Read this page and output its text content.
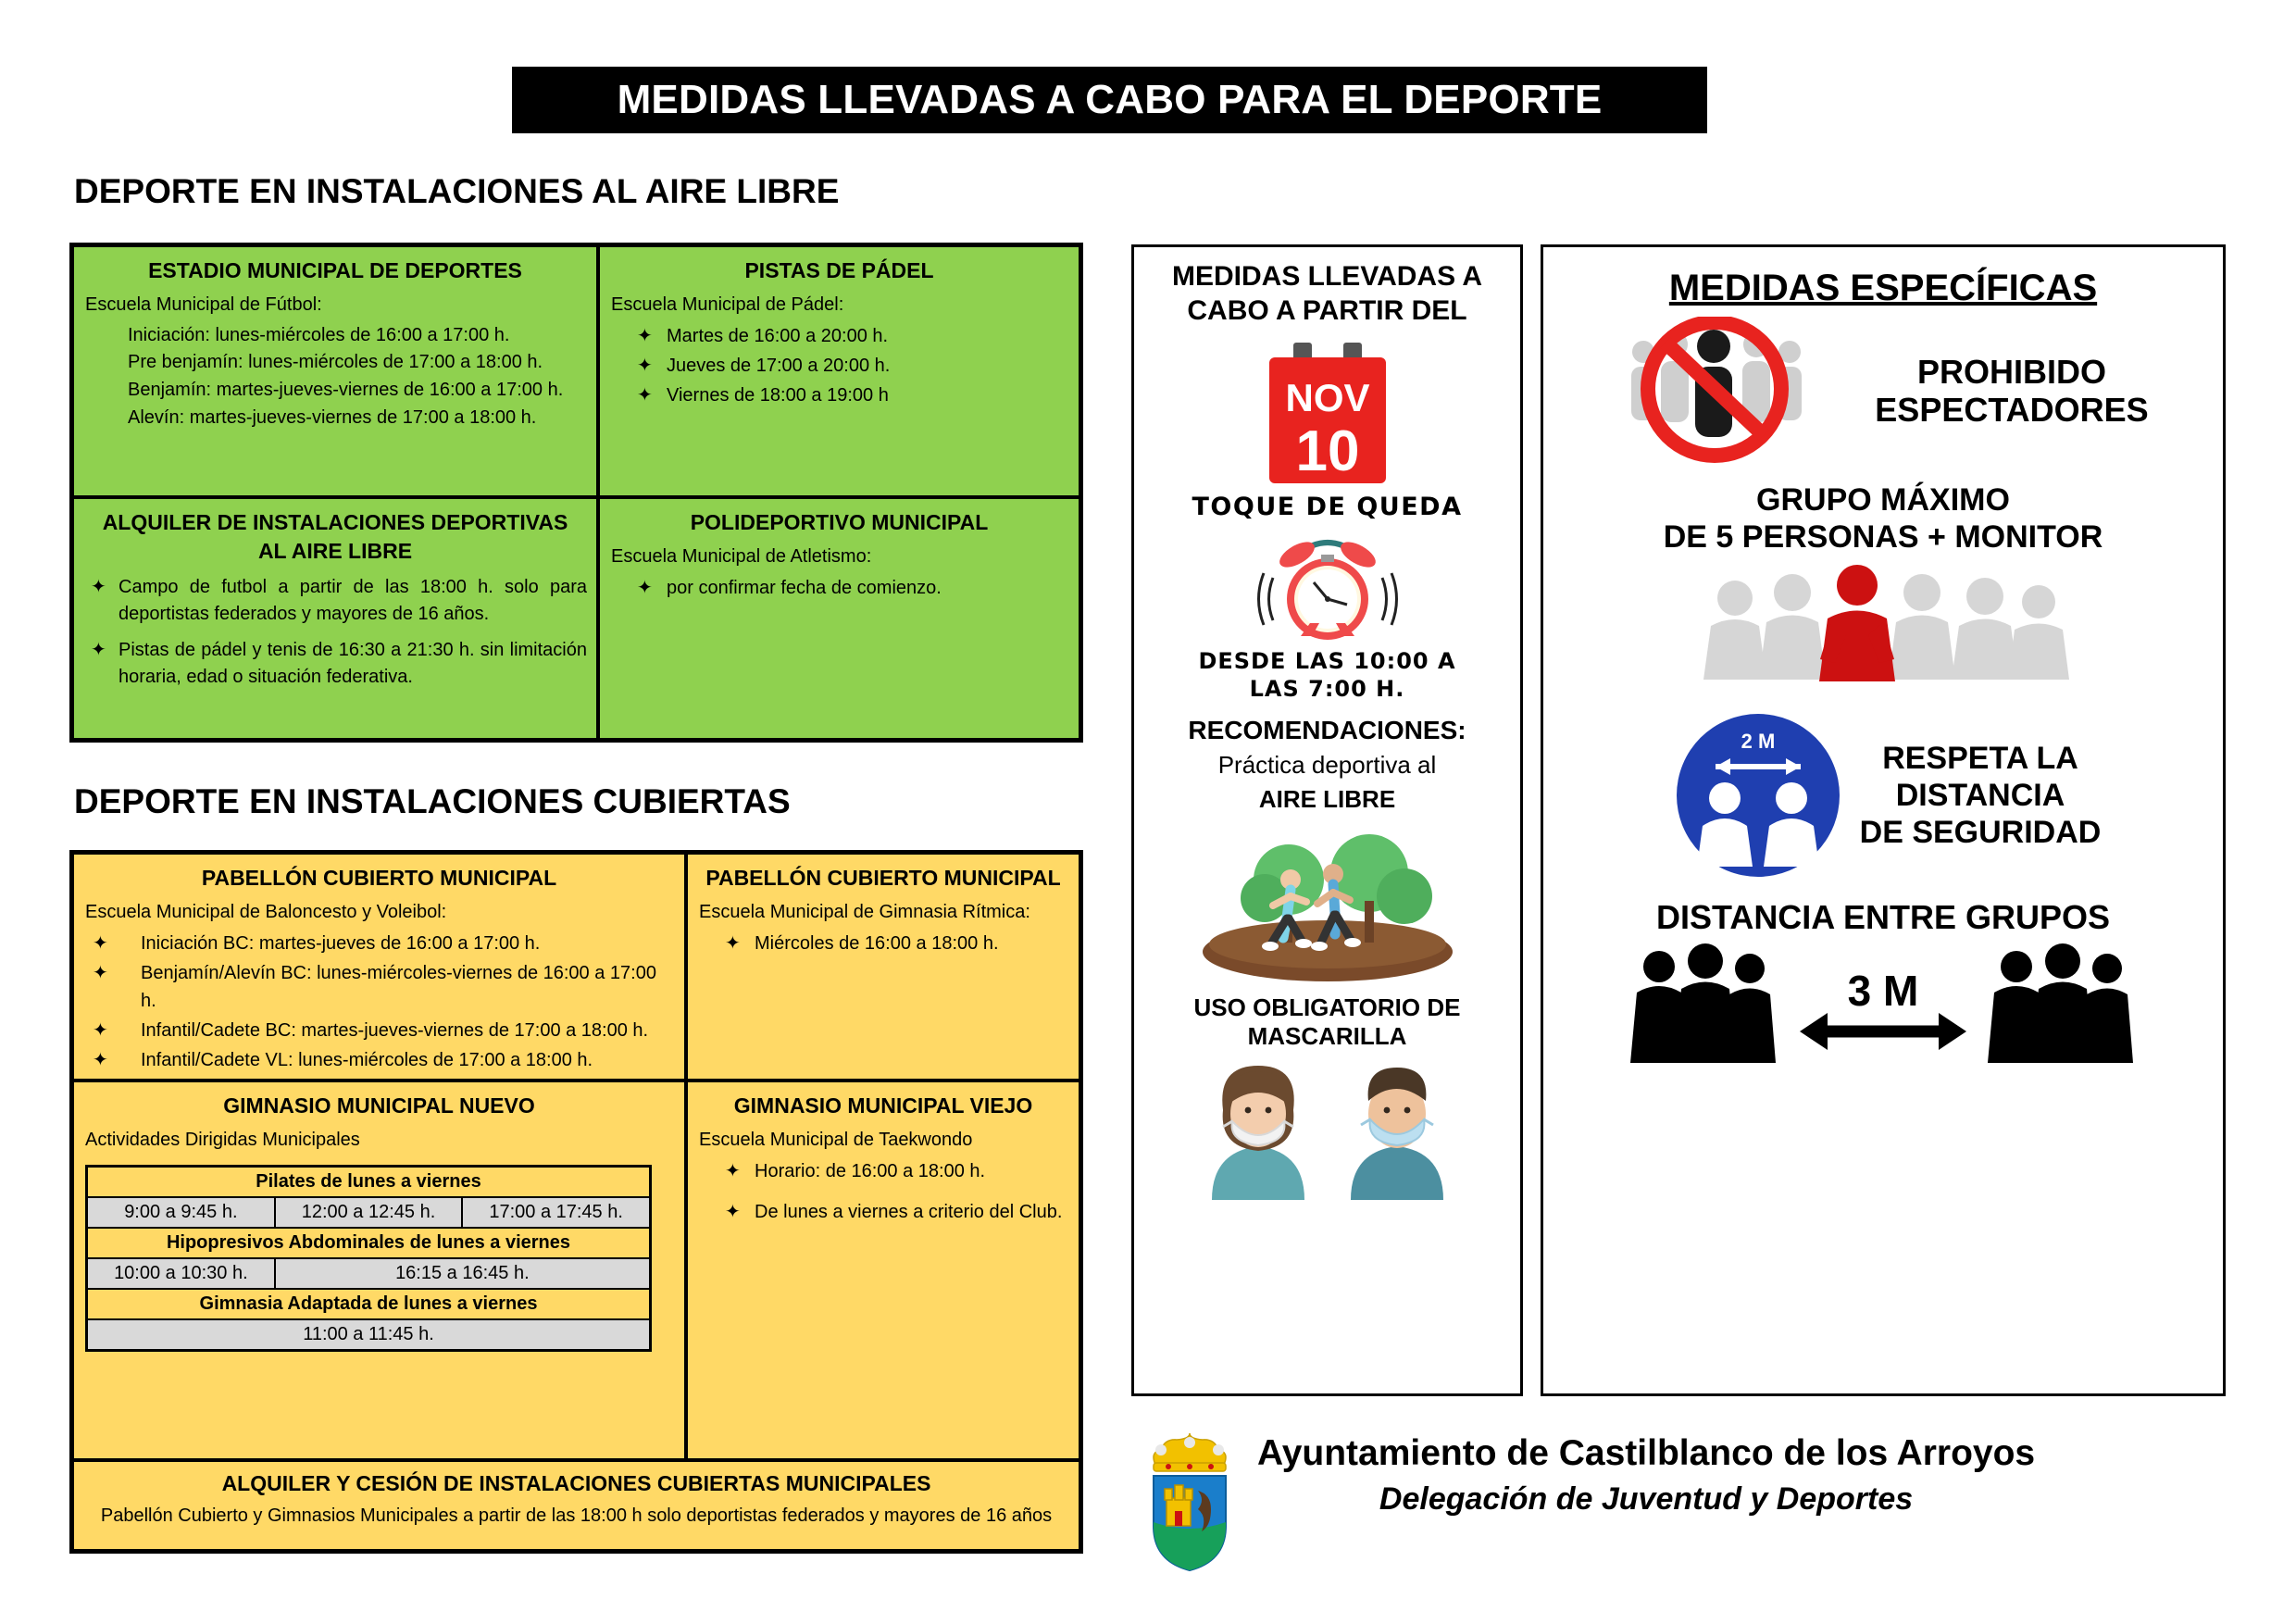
MEDIDAS LLEVADAS A CABO PARA EL DEPORTE
DEPORTE EN INSTALACIONES AL AIRE LIBRE
ESTADIO MUNICIPAL DE DEPORTES
Escuela Municipal de Fútbol:
Iniciación: lunes-miércoles de 16:00 a 17:00 h.
Pre benjamín: lunes-miércoles de 17:00 a 18:00 h.
Benjamín: martes-jueves-viernes de 16:00 a 17:00 h.
Alevín: martes-jueves-viernes de 17:00 a 18:00 h.
PISTAS DE PÁDEL
Escuela Municipal de Pádel:
✦ Martes de 16:00 a 20:00 h.
✦ Jueves de 17:00 a 20:00 h.
✦ Viernes de 18:00 a 19:00 h
ALQUILER DE INSTALACIONES DEPORTIVAS
AL AIRE LIBRE
✦ Campo de futbol a partir de las 18:00 h. solo para deportistas federados y mayores de 16 años.
✦ Pistas de pádel y tenis de 16:30 a 21:30 h. sin limitación horaria, edad o situación federativa.
POLIDEPORTIVO MUNICIPAL
Escuela Municipal de Atletismo:
✦ por confirmar fecha de comienzo.
DEPORTE EN INSTALACIONES CUBIERTAS
PABELLÓN CUBIERTO MUNICIPAL
Escuela Municipal de Baloncesto y Voleibol:
✦ Iniciación BC: martes-jueves de 16:00 a 17:00 h.
✦ Benjamín/Alevín BC: lunes-miércoles-viernes de 16:00 a 17:00 h.
✦ Infantil/Cadete BC: martes-jueves-viernes de 17:00 a 18:00 h.
✦ Infantil/Cadete VL: lunes-miércoles de 17:00 a 18:00 h.
PABELLÓN CUBIERTO MUNICIPAL
Escuela Municipal de Gimnasia Rítmica:
✦ Miércoles de 16:00 a 18:00 h.
GIMNASIO MUNICIPAL NUEVO
Actividades Dirigidas Municipales
Pilates de lunes a viernes		
9:00 a 9:45 h.	12:00 a 12:45 h.	17:00 a 17:45 h.
Hipopresivos Abdominales de lunes a viernes		
10:00 a 10:30 h.	16:15 a 16:45 h.	
Gimnasia Adaptada de lunes a viernes		
11:00 a 11:45 h.		
GIMNASIO MUNICIPAL VIEJO
Escuela Municipal de Taekwondo
✦ Horario: de 16:00 a 18:00 h.
✦ De lunes a viernes a criterio del Club.
ALQUILER Y CESIÓN DE INSTALACIONES CUBIERTAS MUNICIPALES
Pabellón Cubierto y Gimnasios Municipales a partir de las 18:00 h solo deportistas federados y mayores de 16 años
MEDIDAS LLEVADAS A
CABO A PARTIR DEL
NOV
10
TOQUE DE QUEDA
DESDE LAS 10:00 A
LAS 7:00 H.
RECOMENDACIONES:
Práctica deportiva al
AIRE LIBRE
USO OBLIGATORIO DE
MASCARILLA
MEDIDAS ESPECÍFICAS
PROHIBIDO
ESPECTADORES
GRUPO MÁXIMO
DE 5 PERSONAS + MONITOR
2 M	RESPETA LA
DISTANCIA
DE SEGURIDAD
DISTANCIA ENTRE GRUPOS
3 M
Ayuntamiento de Castilblanco de los Arroyos
Delegación de Juventud y Deportes
